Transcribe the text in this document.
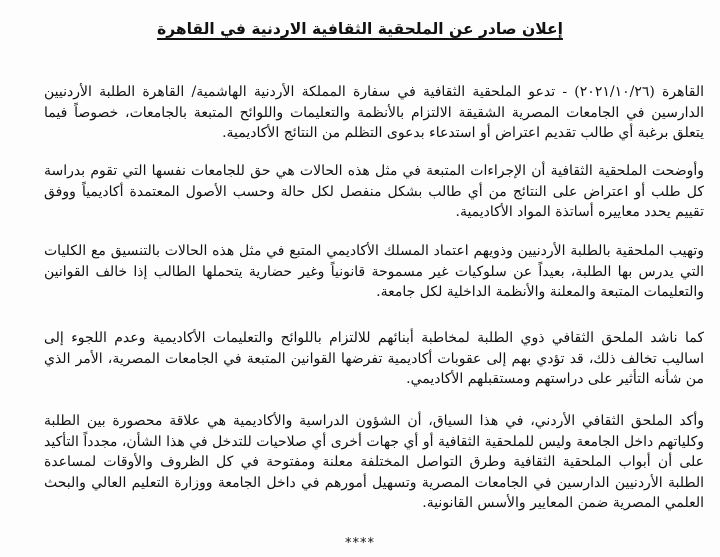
إعلان صادر عن الملحقية الثقافية الاردنية في القاهرة

القاهرة (٢٠٢١/١٠/٢٦) - تدعو الملحقية الثقافية في سفارة المملكة الأردنية الهاشمية/ القاهرة الطلبة الأردنيين الدارسين في الجامعات المصرية الشقيقة الالتزام بالأنظمة والتعليمات واللوائح المتبعة بالجامعات، خصوصاً فيما يتعلق برغبة أي طالب تقديم اعتراض أو استدعاء بدعوى التظلم من النتائج الأكاديمية.

وأوضحت الملحقية الثقافية أن الإجراءات المتبعة في مثل هذه الحالات هي حق للجامعات نفسها التي تقوم بدراسة كل طلب أو اعتراض على النتائج من أي طالب بشكل منفصل لكل حالة وحسب الأصول المعتمدة أكاديمياً ووفق تقييم يحدد معاييره أساتذة المواد الأكاديمية.

وتهيب الملحقية بالطلبة الأردنيين وذويهم اعتماد المسلك الأكاديمي المتبع في مثل هذه الحالات بالتنسيق مع الكليات التي يدرس بها الطلبة، بعيداً عن سلوكيات غير مسموحة قانونياً وغير حضارية يتحملها الطالب إذا خالف القوانين والتعليمات المتبعة والمعلنة والأنظمة الداخلية لكل جامعة.

كما ناشد الملحق الثقافي ذوي الطلبة لمخاطبة أبنائهم للالتزام باللوائح والتعليمات الأكاديمية وعدم اللجوء إلى اساليب تخالف ذلك، قد تؤدي بهم إلى عقوبات أكاديمية تفرضها القوانين المتبعة في الجامعات المصرية، الأمر الذي من شأنه التأثير على دراستهم ومستقبلهم الأكاديمي.

وأكد الملحق الثقافي الأردني، في هذا السياق، أن الشؤون الدراسية والأكاديمية هي علاقة محصورة بين الطلبة وكلياتهم داخل الجامعة وليس للملحقية الثقافية أو أي جهات أخرى أي صلاحيات للتدخل في هذا الشأن، مجدداً التأكيد على أن أبواب الملحقية الثقافية وطرق التواصل المختلفة معلنة ومفتوحة في كل الظروف والأوقات لمساعدة الطلبة الأردنيين الدارسين في الجامعات المصرية وتسهيل أمورهم في داخل الجامعة ووزارة التعليم العالي والبحث العلمي المصرية ضمن المعايير والأسس القانونية.

****
